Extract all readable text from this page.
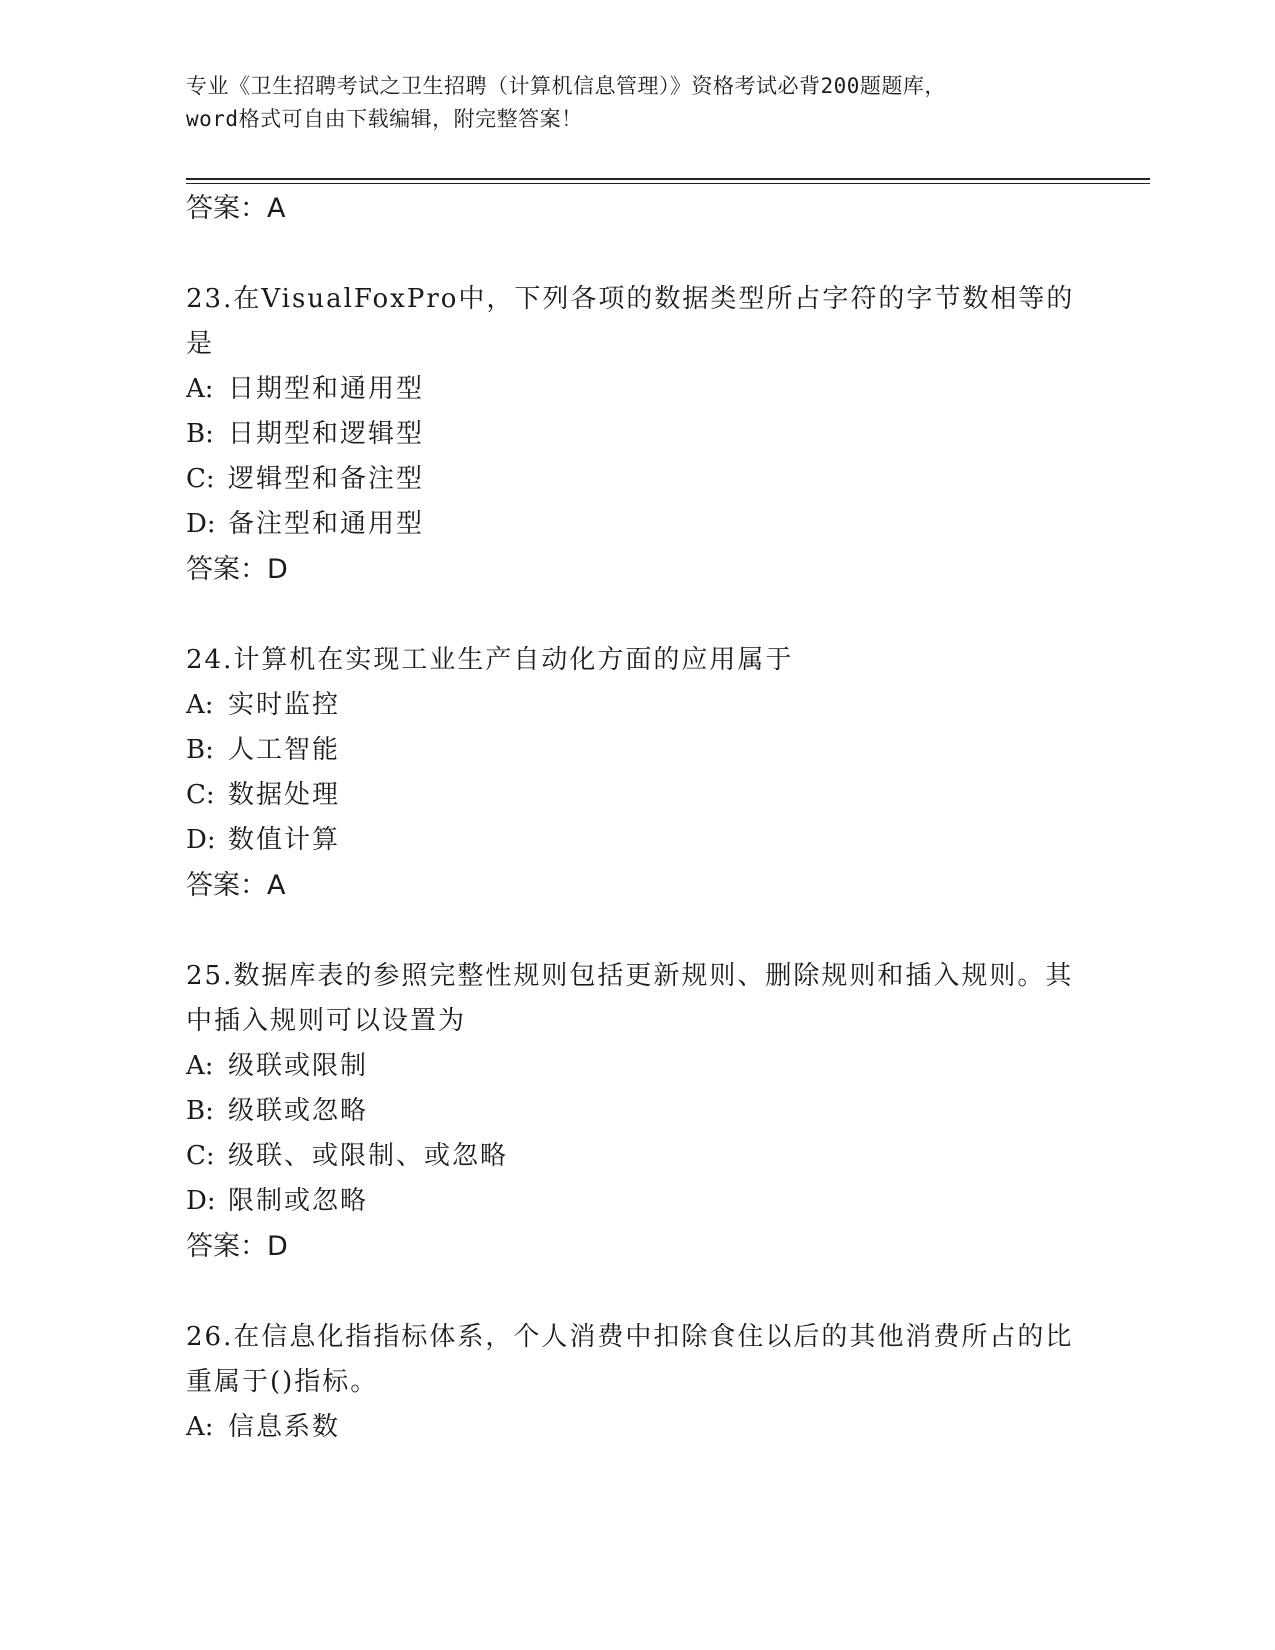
专业《卫生招聘考试之卫生招聘（计算机信息管理）》资格考试必背200题题库，
word格式可自由下载编辑，附完整答案！
答案：A
23.在VisualFoxPro中，下列各项的数据类型所占字符的字节数相等的是
A: 日期型和通用型
B: 日期型和逻辑型
C: 逻辑型和备注型
D: 备注型和通用型
答案：D
24.计算机在实现工业生产自动化方面的应用属于
A: 实时监控
B: 人工智能
C: 数据处理
D: 数值计算
答案：A
25.数据库表的参照完整性规则包括更新规则、删除规则和插入规则。其中插入规则可以设置为
A: 级联或限制
B: 级联或忽略
C: 级联、或限制、或忽略
D: 限制或忽略
答案：D
26.在信息化指指标体系，个人消费中扣除食住以后的其他消费所占的比重属于()指标。
A: 信息系数
